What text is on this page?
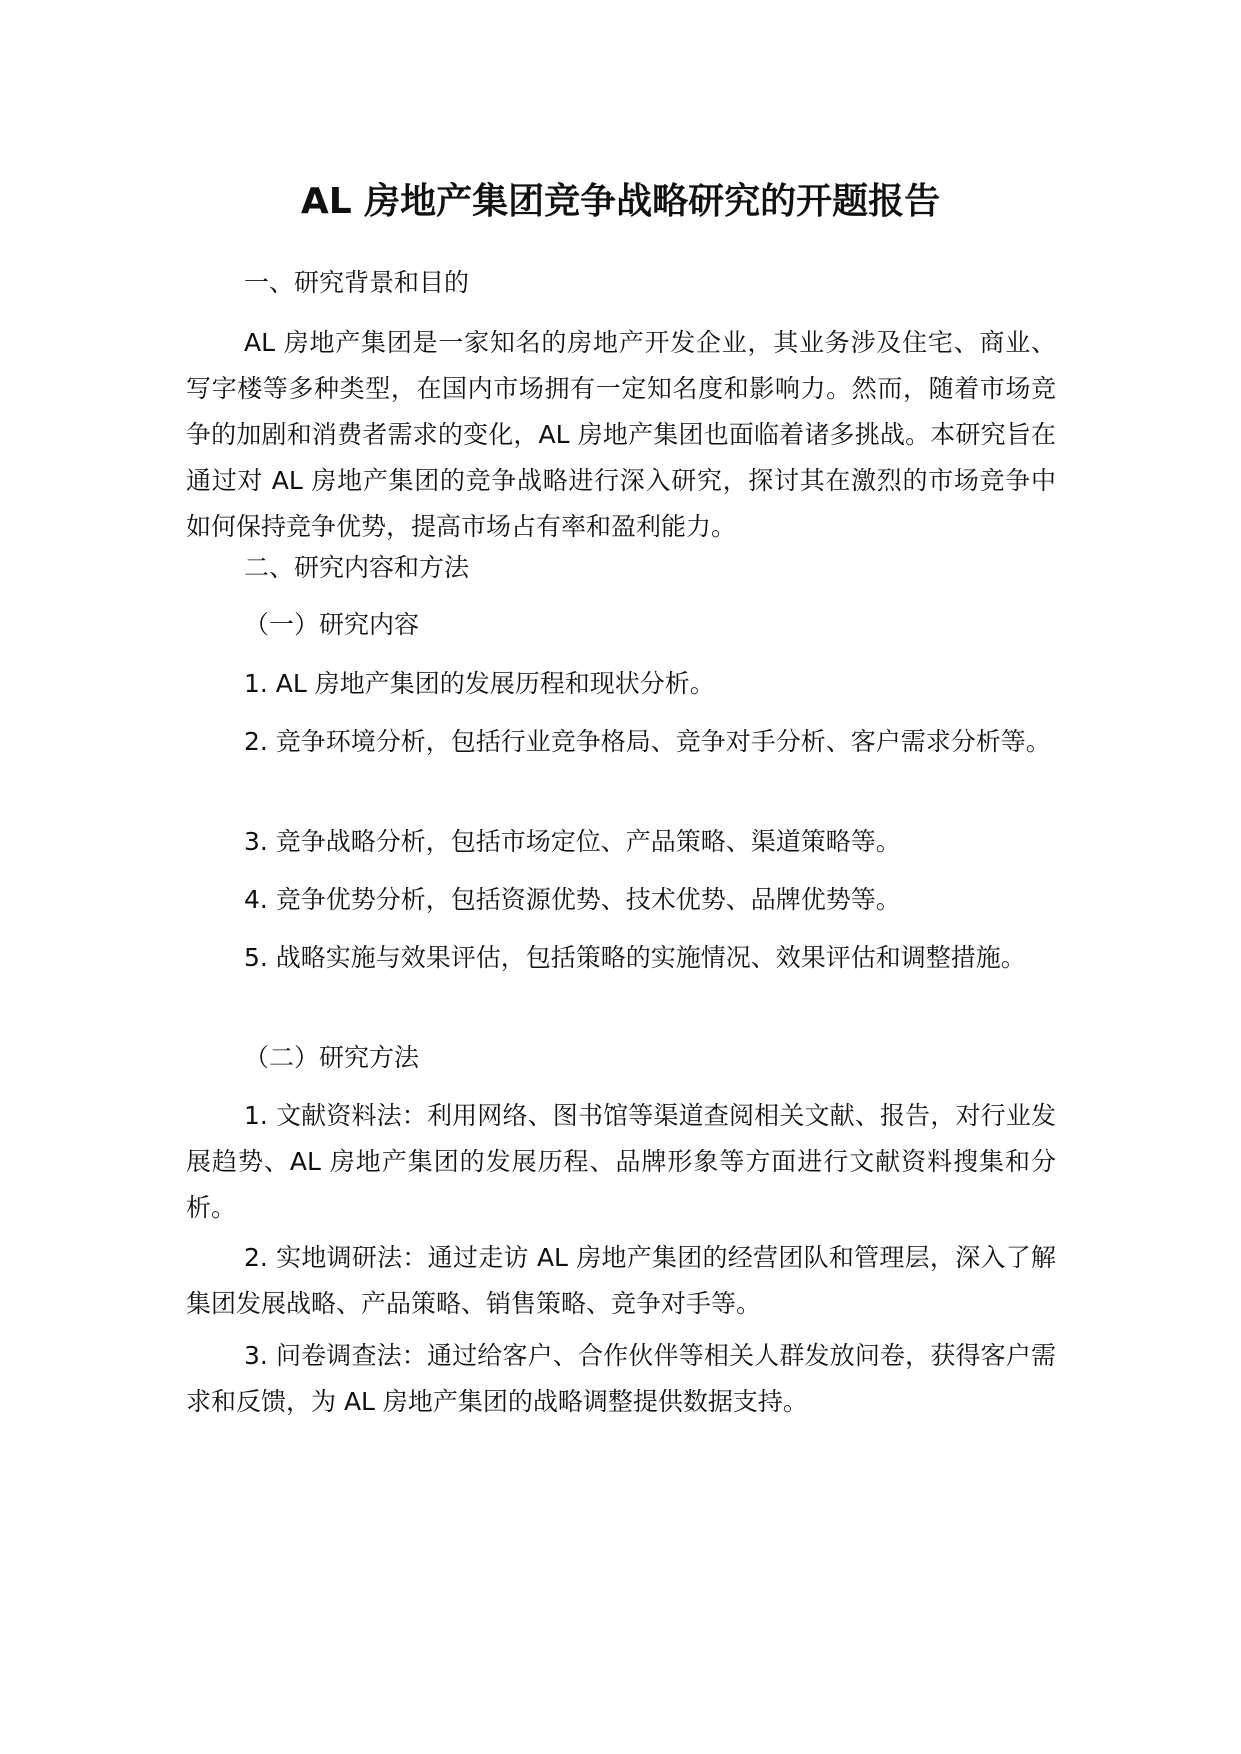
AL 房地产集团竞争战略研究的开题报告

一、研究背景和目的

AL 房地产集团是一家知名的房地产开发企业，其业务涉及住宅、商业、写字楼等多种类型，在国内市场拥有一定知名度和影响力。然而，随着市场竞争的加剧和消费者需求的变化，AL 房地产集团也面临着诸多挑战。本研究旨在通过对 AL 房地产集团的竞争战略进行深入研究，探讨其在激烈的市场竞争中如何保持竞争优势，提高市场占有率和盈利能力。

二、研究内容和方法

（一）研究内容

1. AL 房地产集团的发展历程和现状分析。

2. 竞争环境分析，包括行业竞争格局、竞争对手分析、客户需求分析等。

3. 竞争战略分析，包括市场定位、产品策略、渠道策略等。

4. 竞争优势分析，包括资源优势、技术优势、品牌优势等。

5. 战略实施与效果评估，包括策略的实施情况、效果评估和调整措施。

（二）研究方法

1. 文献资料法：利用网络、图书馆等渠道查阅相关文献、报告，对行业发展趋势、AL 房地产集团的发展历程、品牌形象等方面进行文献资料搜集和分析。

2. 实地调研法：通过走访 AL 房地产集团的经营团队和管理层，深入了解集团发展战略、产品策略、销售策略、竞争对手等。

3. 问卷调查法：通过给客户、合作伙伴等相关人群发放问卷，获得客户需求和反馈，为 AL 房地产集团的战略调整提供数据支持。
